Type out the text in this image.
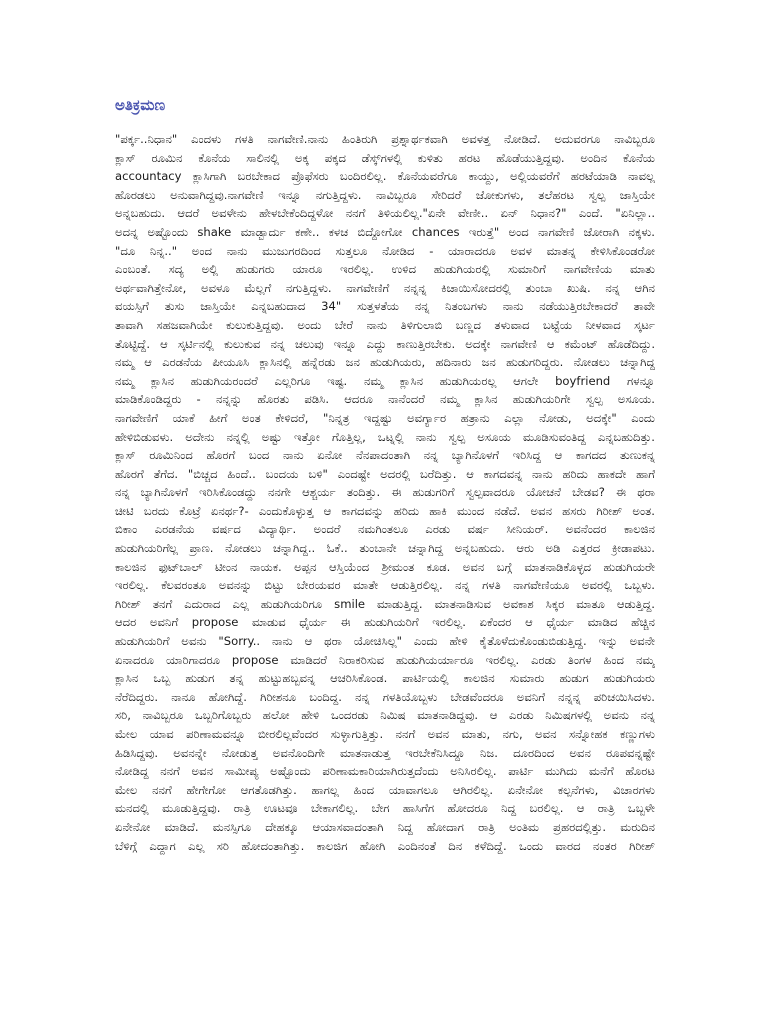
ಅತಿಕ್ರಮಣ
"ಪರ್ಕ್ಕ..ನಿಧಾನ" ಎಂದಳು ಗಳತಿ ನಾಗವೇಣಿ.ನಾನು ಹಿಂತಿರುಗಿ ಪ್ರಶ್ನಾರ್ಥಕವಾಗಿ ಅವಳತ್ತ ನೋಡಿದೆ. ಅದುವರಗೂ ನಾವಿಬ್ಬರೂ
ಕ್ಲಾಸ್ ರೂಮಿನ ಕೊನೆಯ ಸಾಲಿನಲ್ಲಿ ಅಕ್ಕ ಪಕ್ಕದ ಡೆಸ್ಕ್‌ಗಳಲ್ಲಿ ಕುಳಿತು ಹರಟ ಹೊಡೆಯುತ್ತಿದ್ದವು. ಅಂದಿನ ಕೊನೆಯ
accountacy ಕ್ಲಾಸಿಗಾಗಿ ಬರಬೇಕಾದ ಪ್ರೊಫೆಸರು ಬಂದಿರಲಿಲ್ಲ. ಕೊನೆಯವರೆಗೂ ಕಾಯ್ದು, ಅಲ್ಲಿಯವರೆಗೆ ಹರಟೆಯಾಡಿ ನಾವಲ್ಲ
ಹೊರಡಲು ಅನುವಾಗಿದ್ದವು.ನಾಗವೇಣಿ ಇನ್ನೂ ನಗುತ್ತಿದ್ದಳು. ನಾವಿಬ್ಬರೂ ಸೇರಿದರೆ ಜೋಕುಗಳು, ತಲೆಹರಟ ಸ್ವಲ್ಪ ಜಾಸ್ತಿಯೇ
ಅನ್ನಬಹುದು. ಆದರೆ ಅವಳೇನು ಹೇಳಬೇಕೆಂದಿದ್ದಳೋ ನನಗೆ ತಿಳಿಯಲಿಲ್ಲ."ಏನೇ ವೇಣೀ.. ಏನ್ ನಿಧಾನ?" ಎಂದೆ. "ಏನಿಲ್ಲಾ..
ಅದನ್ನ ಅಷ್ಟೊಂದು shake ಮಾಡ್ಬಾರ್ದು ಕಣೇ.. ಕಳಚ ಬಿದ್ದೋಗೋ chances ಇರುತ್ತೆ" ಅಂದ ನಾಗವೇಣಿ ಜೋರಾಗಿ ನಕ್ಕಳು.
"ದೂ ನಿನ್ನ.." ಅಂದ ನಾನು ಮುಜುಗರದಿಂದ ಸುತ್ತಲೂ ನೋಡಿದ - ಯಾರಾದರೂ ಅವಳ ಮಾತನ್ನ ಕೇಳಿಸಿಕೊಂಡರೋ
ಎಂಬಂತೆ. ಸದ್ಯ ಅಲ್ಲಿ ಹುಡುಗರು ಯಾರೂ ಇರಲಿಲ್ಲ. ಉಳಿದ ಹುಡುಗಿಯರಲ್ಲಿ ಸುಮಾರಿಗೆ ನಾಗವೇಣಿಯ ಮಾತು
ಅರ್ಥವಾಗಿತ್ತೇನೋ, ಅವಳೂ ಮೆಲ್ಲಗೆ ನಗುತ್ತಿದ್ದಳು. ನಾಗವೇಣಿಗೆ ನನ್ನನ್ನ ಕಿಚಾಯಿಸೋದರಲ್ಲಿ ತುಂಬಾ ಖುಷಿ. ನನ್ನ ಆಗಿನ
ವಯಸ್ಸಿಗೆ ತುಸು ಜಾಸ್ತಿಯೇ ಎನ್ನಬಹುದಾದ 34" ಸುತ್ತಳತೆಯ ನನ್ನ ನಿತಂಬಗಳು ನಾನು ನಡೆಯುತ್ತಿರಬೇಕಾದರೆ ತಾವೇ
ತಾವಾಗಿ ಸಹಜವಾಗಿಯೇ ಕುಲುಕುತ್ತಿದ್ದವು. ಅಂದು ಬೇರೆ ನಾನು ತಿಳಿಗುಲಾಬಿ ಬಣ್ಣದ ತಳುವಾದ ಬಟ್ಟೆಯ ನೀಳವಾದ ಸ್ಕರ್ಟ
ತೊಟ್ಟಿದ್ದೆ. ಆ ಸ್ಕರ್ಟಿನಲ್ಲಿ ಕುಲುಕುವ ನನ್ನ ಚಲುವು ಇನ್ನೂ ಎದ್ದು ಕಾಣುತ್ತಿರಬೇಕು. ಅದಕ್ಕೇ ನಾಗವೇಣಿ ಆ ಕಮೆಂಟ್ ಹೊಡೆದಿದ್ದು.
ನಮ್ಮ ಆ ಎರಡನೆಯ ಪೀಯೂಸಿ ಕ್ಲಾಸಿನಲ್ಲಿ ಹನ್ನೆರಡು ಜನ ಹುಡುಗಿಯರು, ಹದಿನಾರು ಜನ ಹುಡುಗರಿದ್ದರು. ನೋಡಲು ಚನ್ನಾಗಿದ್ದ
ನಮ್ಮ ಕ್ಲಾಸಿನ ಹುಡುಗಿಯರಂದರೆ ಎಲ್ಲರಿಗೂ ಇಷ್ಟ. ನಮ್ಮ ಕ್ಲಾಸಿನ ಹುಡುಗಿಯರಲ್ಲ ಆಗಲೇ boyfriend ಗಳನ್ನೂ
ಮಾಡಿಕೊಂಡಿದ್ದರು - ನನ್ನನ್ನು ಹೊರತು ಪಡಿಸಿ. ಆದರೂ ನಾನೆಂದರೆ ನಮ್ಮ ಕ್ಲಾಸಿನ ಹುಡುಗಿಯರಿಗೇ ಸ್ವಲ್ಪ ಅಸೂಯ.
ನಾಗವೇಣಿಗೆ ಯಾಕೆ ಹೀಗೆ ಅಂತ ಕೇಳಿದರೆ, "ನಿನ್ನತ್ರ ಇದ್ದಷ್ಟು ಅವರ್ಗ್ಯಾರ ಹತ್ರಾನು ಎಲ್ಲಾ ನೋಡು, ಅದಕ್ಕೇ" ಎಂದು
ಹೇಳಿಬಿಡುವಳು. ಅದೇನು ನನ್ನಲ್ಲಿ ಅಷ್ಟು ಇತ್ತೋ ಗೊತ್ತಿಲ್ಲ, ಒಟ್ನಲ್ಲಿ ನಾನು ಸ್ವಲ್ಪ ಅಸೂಯ ಮೂಡಿಸುವಂತಿದ್ದ ಎನ್ನಬಹುದಿತ್ತು.
ಕ್ಲಾಸ್ ರೂಮಿನಿಂದ ಹೊರಗೆ ಬಂದ ನಾನು ಏನೋ ನೆನಪಾದಂತಾಗಿ ನನ್ನ ಬ್ಯಾಗಿನೊಳಗೆ ಇರಿಸಿದ್ದ ಆ ಕಾಗದದ ತುಣುಕನ್ನ
ಹೊರಗೆ ತೆಗೆದ. "ಬಿಚ್ಚದ ಹಿಂದೆ.. ಬಂದಯ ಬಳಿ" ಎಂದಷ್ಟೇ ಅದರಲ್ಲಿ ಬರೆದಿತ್ತು. ಆ ಕಾಗದವನ್ನ ನಾನು ಹರಿದು ಹಾಕದೇ ಹಾಗೆ
ನನ್ನ ಬ್ಯಾಗಿನೊಳಗೆ ಇರಿಸಿಕೊಂಡದ್ದು ನನಗೇ ಆಶ್ಚರ್ಯ ತಂದಿತ್ತು. ಈ ಹುಡುಗರಿಗೆ ಸ್ವಲ್ಪವಾದರೂ ಯೋಚನೆ ಬೇಡವ? ಈ ಥರಾ
ಚೀಟಿ ಬರದು ಕೊಟ್ರೆ ಏನರ್ಥ?- ಎಂದುಕೊಳ್ಳುತ್ತ ಆ ಕಾಗದವನ್ನು ಹರಿದು ಹಾಕಿ ಮುಂದ ನಡೆದೆ. ಅವನ ಹಸರು ಗಿರೀಶ್ ಅಂತ.
ಬಿಕಾಂ ಎರಡನೆಯ ವರ್ಷದ ವಿದ್ಯಾರ್ಥಿ. ಅಂದರೆ ನಮಗಿಂತಲೂ ಎರಡು ವರ್ಷ ಸೀನಿಯರ್. ಅವನೆಂದರ ಕಾಲಜಿನ
ಹುಡುಗಿಯರಿಗೆಲ್ಲ ಪ್ರಾಣ. ನೋಡಲು ಚನ್ನಾಗಿದ್ದ.. ಓಕೆ.. ತುಂಬಾನೇ ಚನ್ನಾಗಿದ್ದ ಅನ್ನಬಹುದು. ಆರು ಅಡಿ ಎತ್ತರದ ಕ್ರೀಡಾಪಟು.
ಕಾಲಜಿನ ಫುಟ್‌ಬಾಲ್ ಟೀಂನ ನಾಯಕ. ಅಪ್ಪನ ಆಸ್ತಿಯೆಂದ ಶ್ರೀಮಂತ ಕೂಡ. ಅವನ ಬಗ್ಗೆ ಮಾತನಾಡಿಕೊಳ್ಳದ ಹುಡುಗಿಯರೇ
ಇರಲಿಲ್ಲ. ಕೆಲವರಂತೂ ಅವನನ್ನು ಬಿಟ್ಟು ಬೇರಯವರ ಮಾತೇ ಆಡುತ್ತಿರಲಿಲ್ಲ. ನನ್ನ ಗಳತಿ ನಾಗವೇಣಿಯೂ ಅವರಲ್ಲಿ ಒಬ್ಬಳು.
ಗಿರೀಶ್ ತನಗೆ ಎದುರಾದ ಎಲ್ಲ ಹುಡುಗಿಯರಿಗೂ smile ಮಾಡುತ್ತಿದ್ದ. ಮಾತನಾಡಿಸುವ ಅವಕಾಶ ಸಿಕ್ಕರ ಮಾತೂ ಆಡುತ್ತಿದ್ದ.
ಆದರ ಅವನಿಗೆ propose ಮಾಡುವ ಧೈರ್ಯ ಈ ಹುಡುಗಿಯರಿಗೆ ಇರಲಿಲ್ಲ. ಏಕೆಂದರ ಆ ಧೈರ್ಯ ಮಾಡಿದ ಹೆಚ್ಚಿನ
ಹುಡುಗಿಯರಿಗೆ ಅವನು "Sorry.. ನಾನು ಆ ಥರಾ ಯೋಚಿಸಿಲ್ಲ" ಎಂದು ಹೇಳಿ ಕೈತೊಳೆದುಕೊಂಡುಬಿಡುತ್ತಿದ್ದ. ಇನ್ನು ಅವನೇ
ಏನಾದರೂ ಯಾರಿಗಾದರೂ propose ಮಾಡಿದರೆ ನಿರಾಕರಿಸುವ ಹುಡುಗಿಯರ್ಯಾರೂ ಇರಲಿಲ್ಲ. ಎರಡು ತಿಂಗಳ ಹಿಂದ ನಮ್ಮ
ಕ್ಲಾಸಿನ ಒಬ್ಬ ಹುಡುಗ ತನ್ನ ಹುಟ್ಟುಹಬ್ಬವನ್ನ ಆಚರಿಸಿಕೊಂಡ. ಪಾರ್ಟಿಯಲ್ಲಿ ಕಾಲಜಿನ ಸುಮಾರು ಹುಡುಗ ಹುಡುಗಿಯರು
ನೆರೆದಿದ್ದರು. ನಾನೂ ಹೋಗಿದ್ದೆ. ಗಿರೀಶನೂ ಬಂದಿದ್ದ. ನನ್ನ ಗಳತಿಯೊಬ್ಬಳು ಬೇಡವೆಂದರೂ ಅವನಿಗೆ ನನ್ನನ್ನ ಪರಿಚಯಿಸಿದಳು.
ಸರಿ, ನಾವಿಬ್ಬರೂ ಒಬ್ಬರಿಗೊಬ್ಬರು ಹಲೋ ಹೇಳಿ ಒಂದರಡು ನಿಮಿಷ ಮಾತನಾಡಿದ್ದವು. ಆ ಎರಡು ನಿಮಿಷಗಳಲ್ಲಿ ಅವನು ನನ್ನ
ಮೇಲ ಯಾವ ಪರಿಣಾಮವನ್ನೂ ಬೀರಲಿಲ್ಲವೆಂದರ ಸುಳ್ಳಾಗುತ್ತಿತ್ತು. ನನಗೆ ಅವನ ಮಾತು, ನಗು, ಅವನ ಸನ್ನೋಹಕ ಕಣ್ಣುಗಳು
ಹಿಡಿಸಿದ್ದವು. ಅವನನ್ನೇ ನೋಡುತ್ತ ಅವನೊಂದಿಗೇ ಮಾತನಾಡುತ್ತ ಇರಬೇಕೆನಿಸಿದ್ದೂ ನಿಜ. ದೂರದಿಂದ ಅವನ ರೂಪವನ್ನಷ್ಟೇ
ನೋಡಿದ್ದ ನನಗೆ ಅವನ ಸಾಮೀಪ್ಯ ಅಷ್ಟೊಂದು ಪರಿಣಾಮಕಾರಿಯಾಗಿರುತ್ತದೆಂದು ಅನಿಸಿರಲಿಲ್ಲ. ಪಾರ್ಟಿ ಮುಗಿದು ಮನೆಗೆ ಹೊರಟ
ಮೇಲ ನನಗೆ ಹೇಗೇಗೋ ಆಗತೊಡಗಿತ್ತು. ಹಾಗಲ್ಲ ಹಿಂದ ಯಾವಾಗಲೂ ಆಗಿರಲಿಲ್ಲ. ಏನೇನೋ ಕಲ್ಪನೆಗಳು, ವಿಚಾರಗಳು
ಮನದಲ್ಲಿ ಮೂಡುತ್ತಿದ್ದವು. ರಾತ್ರಿ ಊಟವೂ ಬೇಕಾಗಲಿಲ್ಲ. ಬೇಗ ಹಾಸಿಗೆಗ ಹೋದರೂ ನಿದ್ದ ಬರಲಿಲ್ಲ. ಆ ರಾತ್ರಿ ಒಬ್ಬಳೇ
ಏನೇನೋ ಮಾಡಿದೆ. ಮನಸ್ಸಿಗೂ ದೇಹಕ್ಕೂ ಆಯಾಸವಾದಂತಾಗಿ ನಿದ್ದ ಹೋದಾಗ ರಾತ್ರಿ ಅಂತಿಮ ಪ್ರಹರದಲ್ಲಿತ್ತು. ಮರುದಿನ
ಬೆಳಿಗ್ಗೆ ಎದ್ದಾಗ ಎಲ್ಲ ಸರಿ ಹೋದಂತಾಗಿತ್ತು. ಕಾಲಜಿಗ ಹೋಗಿ ಎಂದಿನಂತೆ ದಿನ ಕಳೆದಿದ್ದೆ. ಒಂದು ವಾರದ ನಂತರ ಗಿರೀಶ್
